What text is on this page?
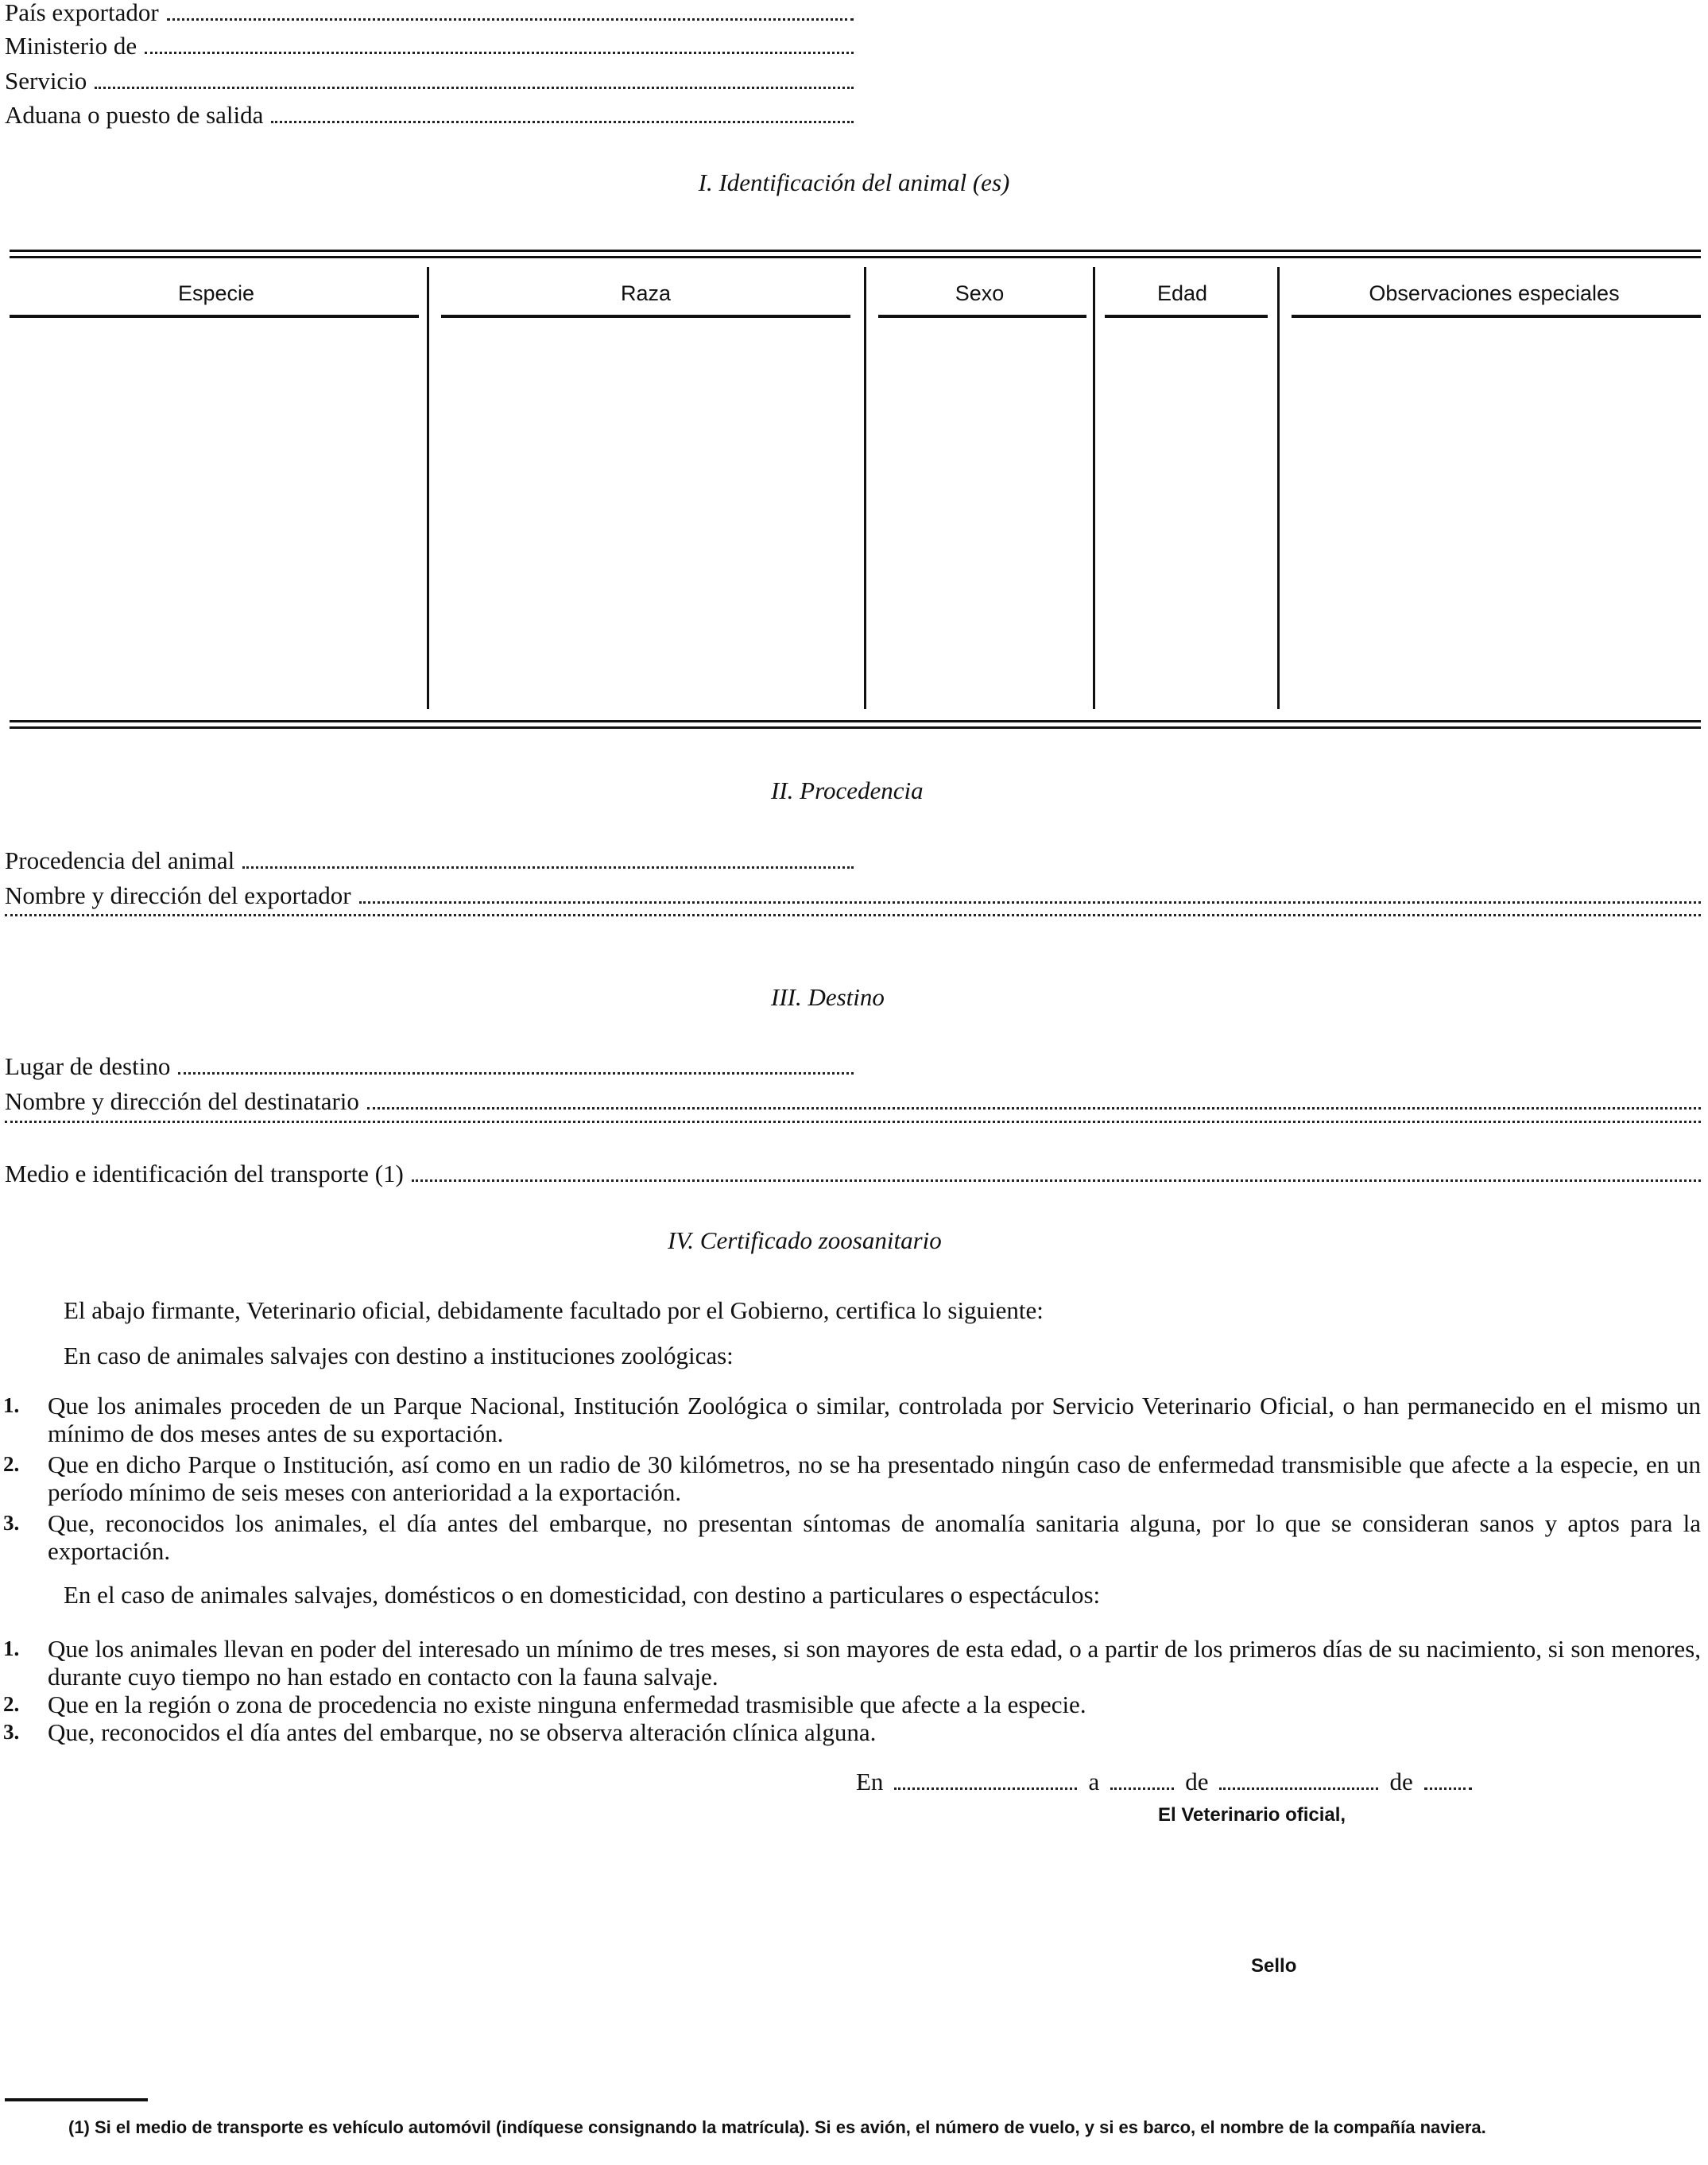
País exportador
Ministerio de
Servicio
Aduana o puesto de salida
I. Identificación del animal (es)
Especie	Raza	Sexo	Edad	Observaciones especiales
II. Procedencia
Procedencia del animal
Nombre y dirección del exportador
III. Destino
Lugar de destino
Nombre y dirección del destinatario
Medio e identificación del transporte (1)
IV. Certificado zoosanitario
El abajo firmante, Veterinario oficial, debidamente facultado por el Gobierno, certifica lo siguiente:
En caso de animales salvajes con destino a instituciones zoológicas:
1. Que los animales proceden de un Parque Nacional, Institución Zoológica o similar, controlada por Servicio Veterinario Oficial, o han permanecido en el mismo un mínimo de dos meses antes de su exportación.
2. Que en dicho Parque o Institución, así como en un radio de 30 kilómetros, no se ha presentado ningún caso de enfermedad transmisible que afecte a la especie, en un período mínimo de seis meses con anterioridad a la exportación.
3. Que, reconocidos los animales, el día antes del embarque, no presentan síntomas de anomalía sanitaria alguna, por lo que se consideran sanos y aptos para la exportación.
En el caso de animales salvajes, domésticos o en domesticidad, con destino a particulares o espectáculos:
1. Que los animales llevan en poder del interesado un mínimo de tres meses, si son mayores de esta edad, o a partir de los primeros días de su nacimiento, si son menores, durante cuyo tiempo no han estado en contacto con la fauna salvaje.
2. Que en la región o zona de procedencia no existe ninguna enfermedad trasmisible que afecte a la especie.
3. Que, reconocidos el día antes del embarque, no se observa alteración clínica alguna.
En	a	de	de
El Veterinario oficial,
Sello
(1) Si el medio de transporte es vehículo automóvil (indíquese consignando la matrícula). Si es avión, el número de vuelo, y si es barco, el nombre de la compañía naviera.
